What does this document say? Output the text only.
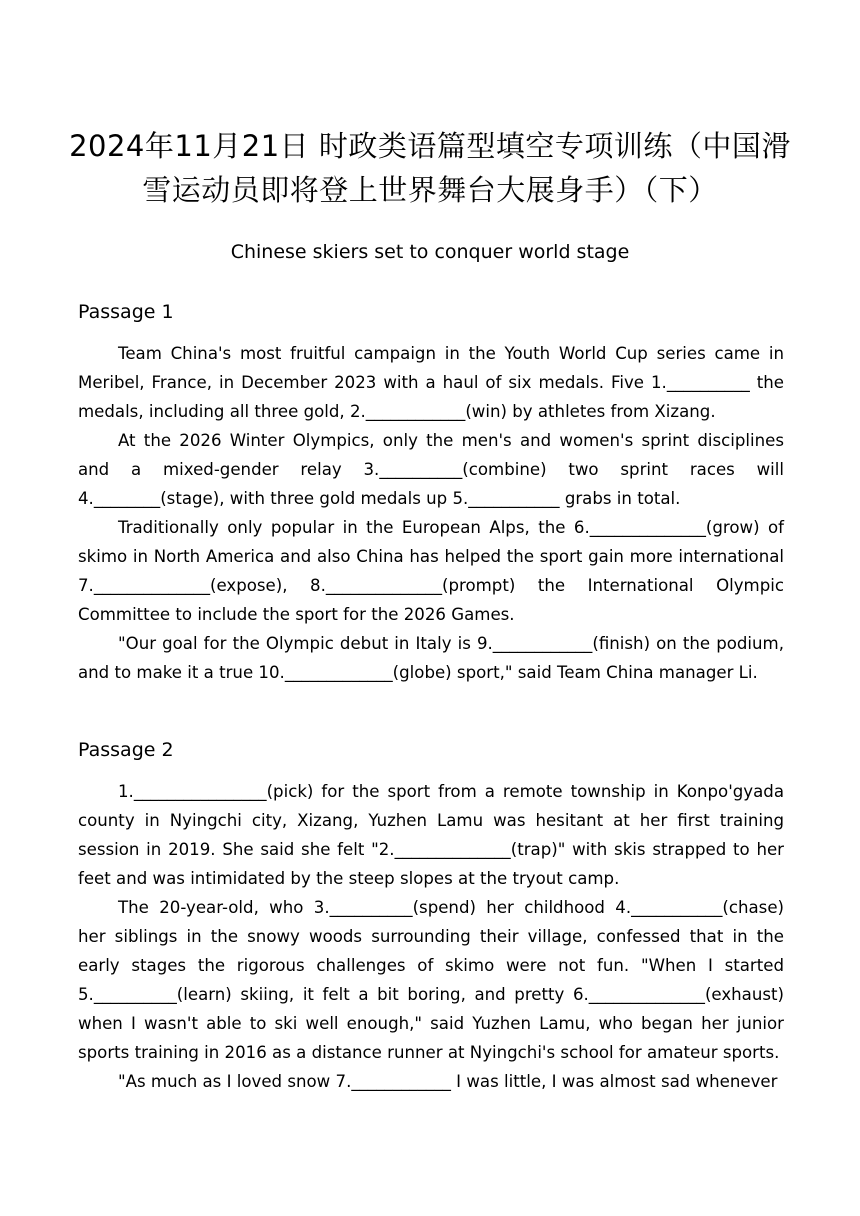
2024年11月21日 时政类语篇型填空专项训练（中国滑雪运动员即将登上世界舞台大展身手）（下）
Chinese skiers set to conquer world stage
Passage 1

Team China's most fruitful campaign in the Youth World Cup series came in Meribel, France, in December 2023 with a haul of six medals. Five 1.__________ the medals, including all three gold, 2.____________(win) by athletes from Xizang.

At the 2026 Winter Olympics, only the men's and women's sprint disciplines and a mixed-gender relay 3.__________(combine) two sprint races will 4.________(stage), with three gold medals up 5.___________ grabs in total.

Traditionally only popular in the European Alps, the 6.______________(grow) of skimo in North America and also China has helped the sport gain more international 7.______________(expose), 8.______________(prompt) the International Olympic Committee to include the sport for the 2026 Games.

"Our goal for the Olympic debut in Italy is 9.____________(finish) on the podium, and to make it a true 10._____________(globe) sport," said Team China manager Li.

Passage 2

1.________________(pick) for the sport from a remote township in Konpo'gyada county in Nyingchi city, Xizang, Yuzhen Lamu was hesitant at her first training session in 2019. She said she felt "2.______________(trap)" with skis strapped to her feet and was intimidated by the steep slopes at the tryout camp.

The 20-year-old, who 3.__________(spend) her childhood 4.___________(chase) her siblings in the snowy woods surrounding their village, confessed that in the early stages the rigorous challenges of skimo were not fun. "When I started 5.__________(learn) skiing, it felt a bit boring, and pretty 6.______________(exhaust) when I wasn't able to ski well enough," said Yuzhen Lamu, who began her junior sports training in 2016 as a distance runner at Nyingchi's school for amateur sports.

"As much as I loved snow 7.____________ I was little, I was almost sad whenever
